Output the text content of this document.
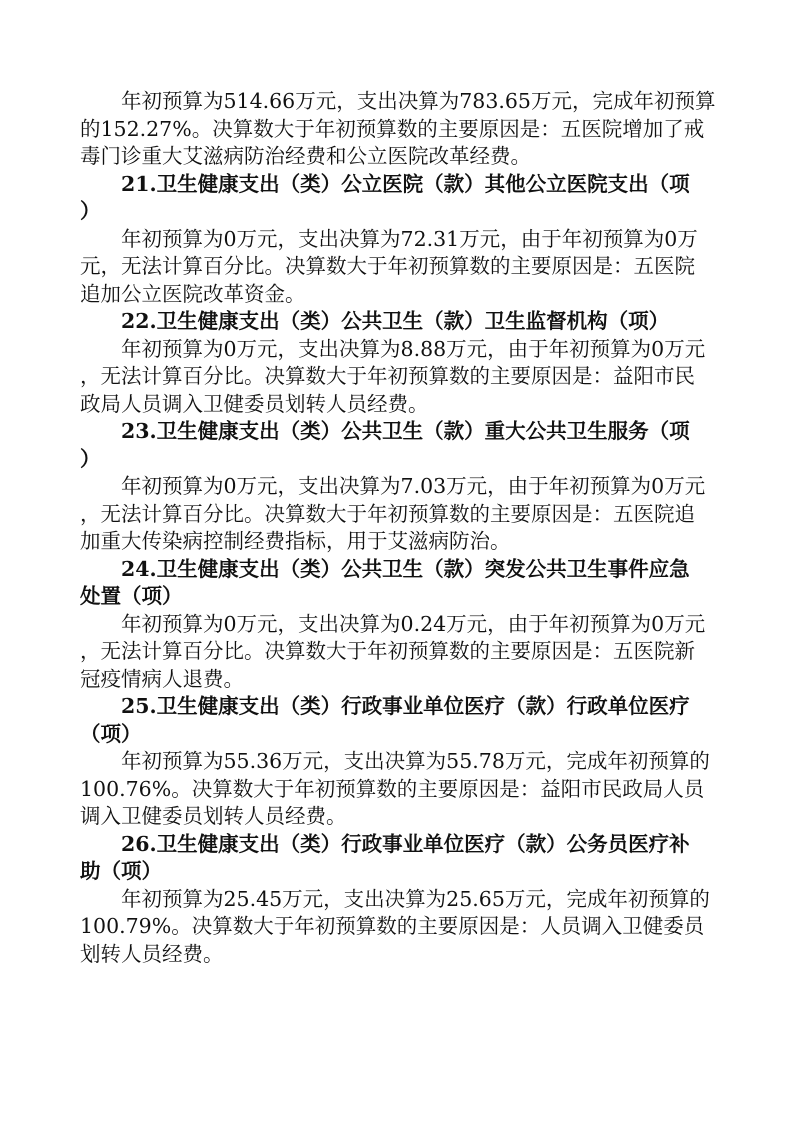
年初预算为514.66万元，支出决算为783.65万元，完成年初预算
的152.27%。决算数大于年初预算数的主要原因是：五医院增加了戒
毒门诊重大艾滋病防治经费和公立医院改革经费。
21.卫生健康支出（类）公立医院（款）其他公立医院支出（项
）
年初预算为0万元，支出决算为72.31万元，由于年初预算为0万
元，无法计算百分比。决算数大于年初预算数的主要原因是：五医院
追加公立医院改革资金。
22.卫生健康支出（类）公共卫生（款）卫生监督机构（项）
年初预算为0万元，支出决算为8.88万元，由于年初预算为0万元
，无法计算百分比。决算数大于年初预算数的主要原因是：益阳市民
政局人员调入卫健委员划转人员经费。
23.卫生健康支出（类）公共卫生（款）重大公共卫生服务（项
）
年初预算为0万元，支出决算为7.03万元，由于年初预算为0万元
，无法计算百分比。决算数大于年初预算数的主要原因是：五医院追
加重大传染病控制经费指标，用于艾滋病防治。
24.卫生健康支出（类）公共卫生（款）突发公共卫生事件应急
处置（项）
年初预算为0万元，支出决算为0.24万元，由于年初预算为0万元
，无法计算百分比。决算数大于年初预算数的主要原因是：五医院新
冠疫情病人退费。
25.卫生健康支出（类）行政事业单位医疗（款）行政单位医疗
（项）
年初预算为55.36万元，支出决算为55.78万元，完成年初预算的
100.76%。决算数大于年初预算数的主要原因是：益阳市民政局人员
调入卫健委员划转人员经费。
26.卫生健康支出（类）行政事业单位医疗（款）公务员医疗补
助（项）
年初预算为25.45万元，支出决算为25.65万元，完成年初预算的
100.79%。决算数大于年初预算数的主要原因是：人员调入卫健委员
划转人员经费。
